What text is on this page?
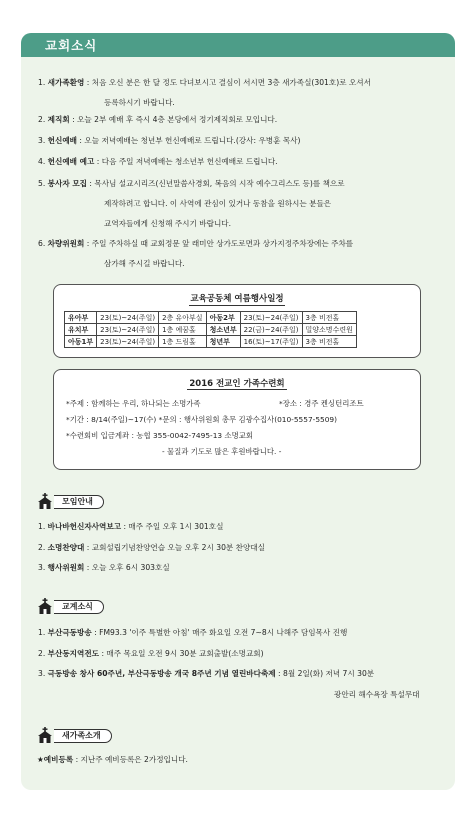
교회소식
1. 새가족환영 : 처음 오신 분은 한 달 정도 다녀보시고 결심이 서시면 3층 새가족실(301호)로 오셔서
등록하시기 바랍니다.
2. 제직회 : 오늘 2부 예배 후 즉시 4층 본당에서 정기제직회로 모입니다.
3. 헌신예배 : 오늘 저녁예배는 청년부 헌신예배로 드립니다.(강사: 우병훈 목사)
4. 헌신예배 예고 : 다음 주일 저녁예배는 청소년부 헌신예배로 드립니다.
5. 봉사자 모집 : 목사님 설교시리즈(신년말씀사경회, 복음의 시작 예수그리스도 등)를 책으로
제작하려고 합니다. 이 사역에 관심이 있거나 동참을 원하시는 분들은
교역자들에게 신청해 주시기 바랍니다.
6. 차량위원회 : 주일 주차하실 때 교회정문 앞 래미안 상가도로면과 상가지정주차장에는 주차를
삼가해 주시길 바랍니다.
교육공동체 여름행사일정
유아부	23(토)~24(주일)	2층 유아부실	아동2부	23(토)~24(주일)	3층 비전홀
유치부	23(토)~24(주일)	1층 예꿈홀	청소년부	22(금)~24(주일)	밀양소명수련원
아동1부	23(토)~24(주일)	1층 드림홀	청년부	16(토)~17(주일)	3층 비전홀
2016 전교인 가족수련회
*주제 : 함께하는 우리, 하나되는 소명가족	*장소 : 경주 켄싱턴리조트
*기간 : 8/14(주일)~17(수) *문의 : 행사위원회 총무 김광수집사(010-5557-5509)
*수련회비 입금계좌 : 농협 355-0042-7495-13 소명교회
- 물질과 기도로 많은 후원바랍니다. -
모임안내
1. 바나바헌신자사역보고 : 매주 주일 오후 1시 301호실
2. 소명찬양대 : 교회설립기념찬양연습 오늘 오후 2시 30분 찬양대실
3. 행사위원회 : 오늘 오후 6시 303호실
교계소식
1. 부산극동방송 : FM93.3 '이주 특별한 아침' 매주 화요일 오전 7~8시 나해주 담임목사 진행
2. 부산동지역전도 : 매주 목요일 오전 9시 30분 교회출발(소명교회)
3. 극동방송 창사 60주년, 부산극동방송 개국 8주년 기념 열린바다축제 : 8월 2일(화) 저녁 7시 30분
광안리 해수욕장 특설무대
새가족소개
★예비등록 : 지난주 예비등록은 2가정입니다.
